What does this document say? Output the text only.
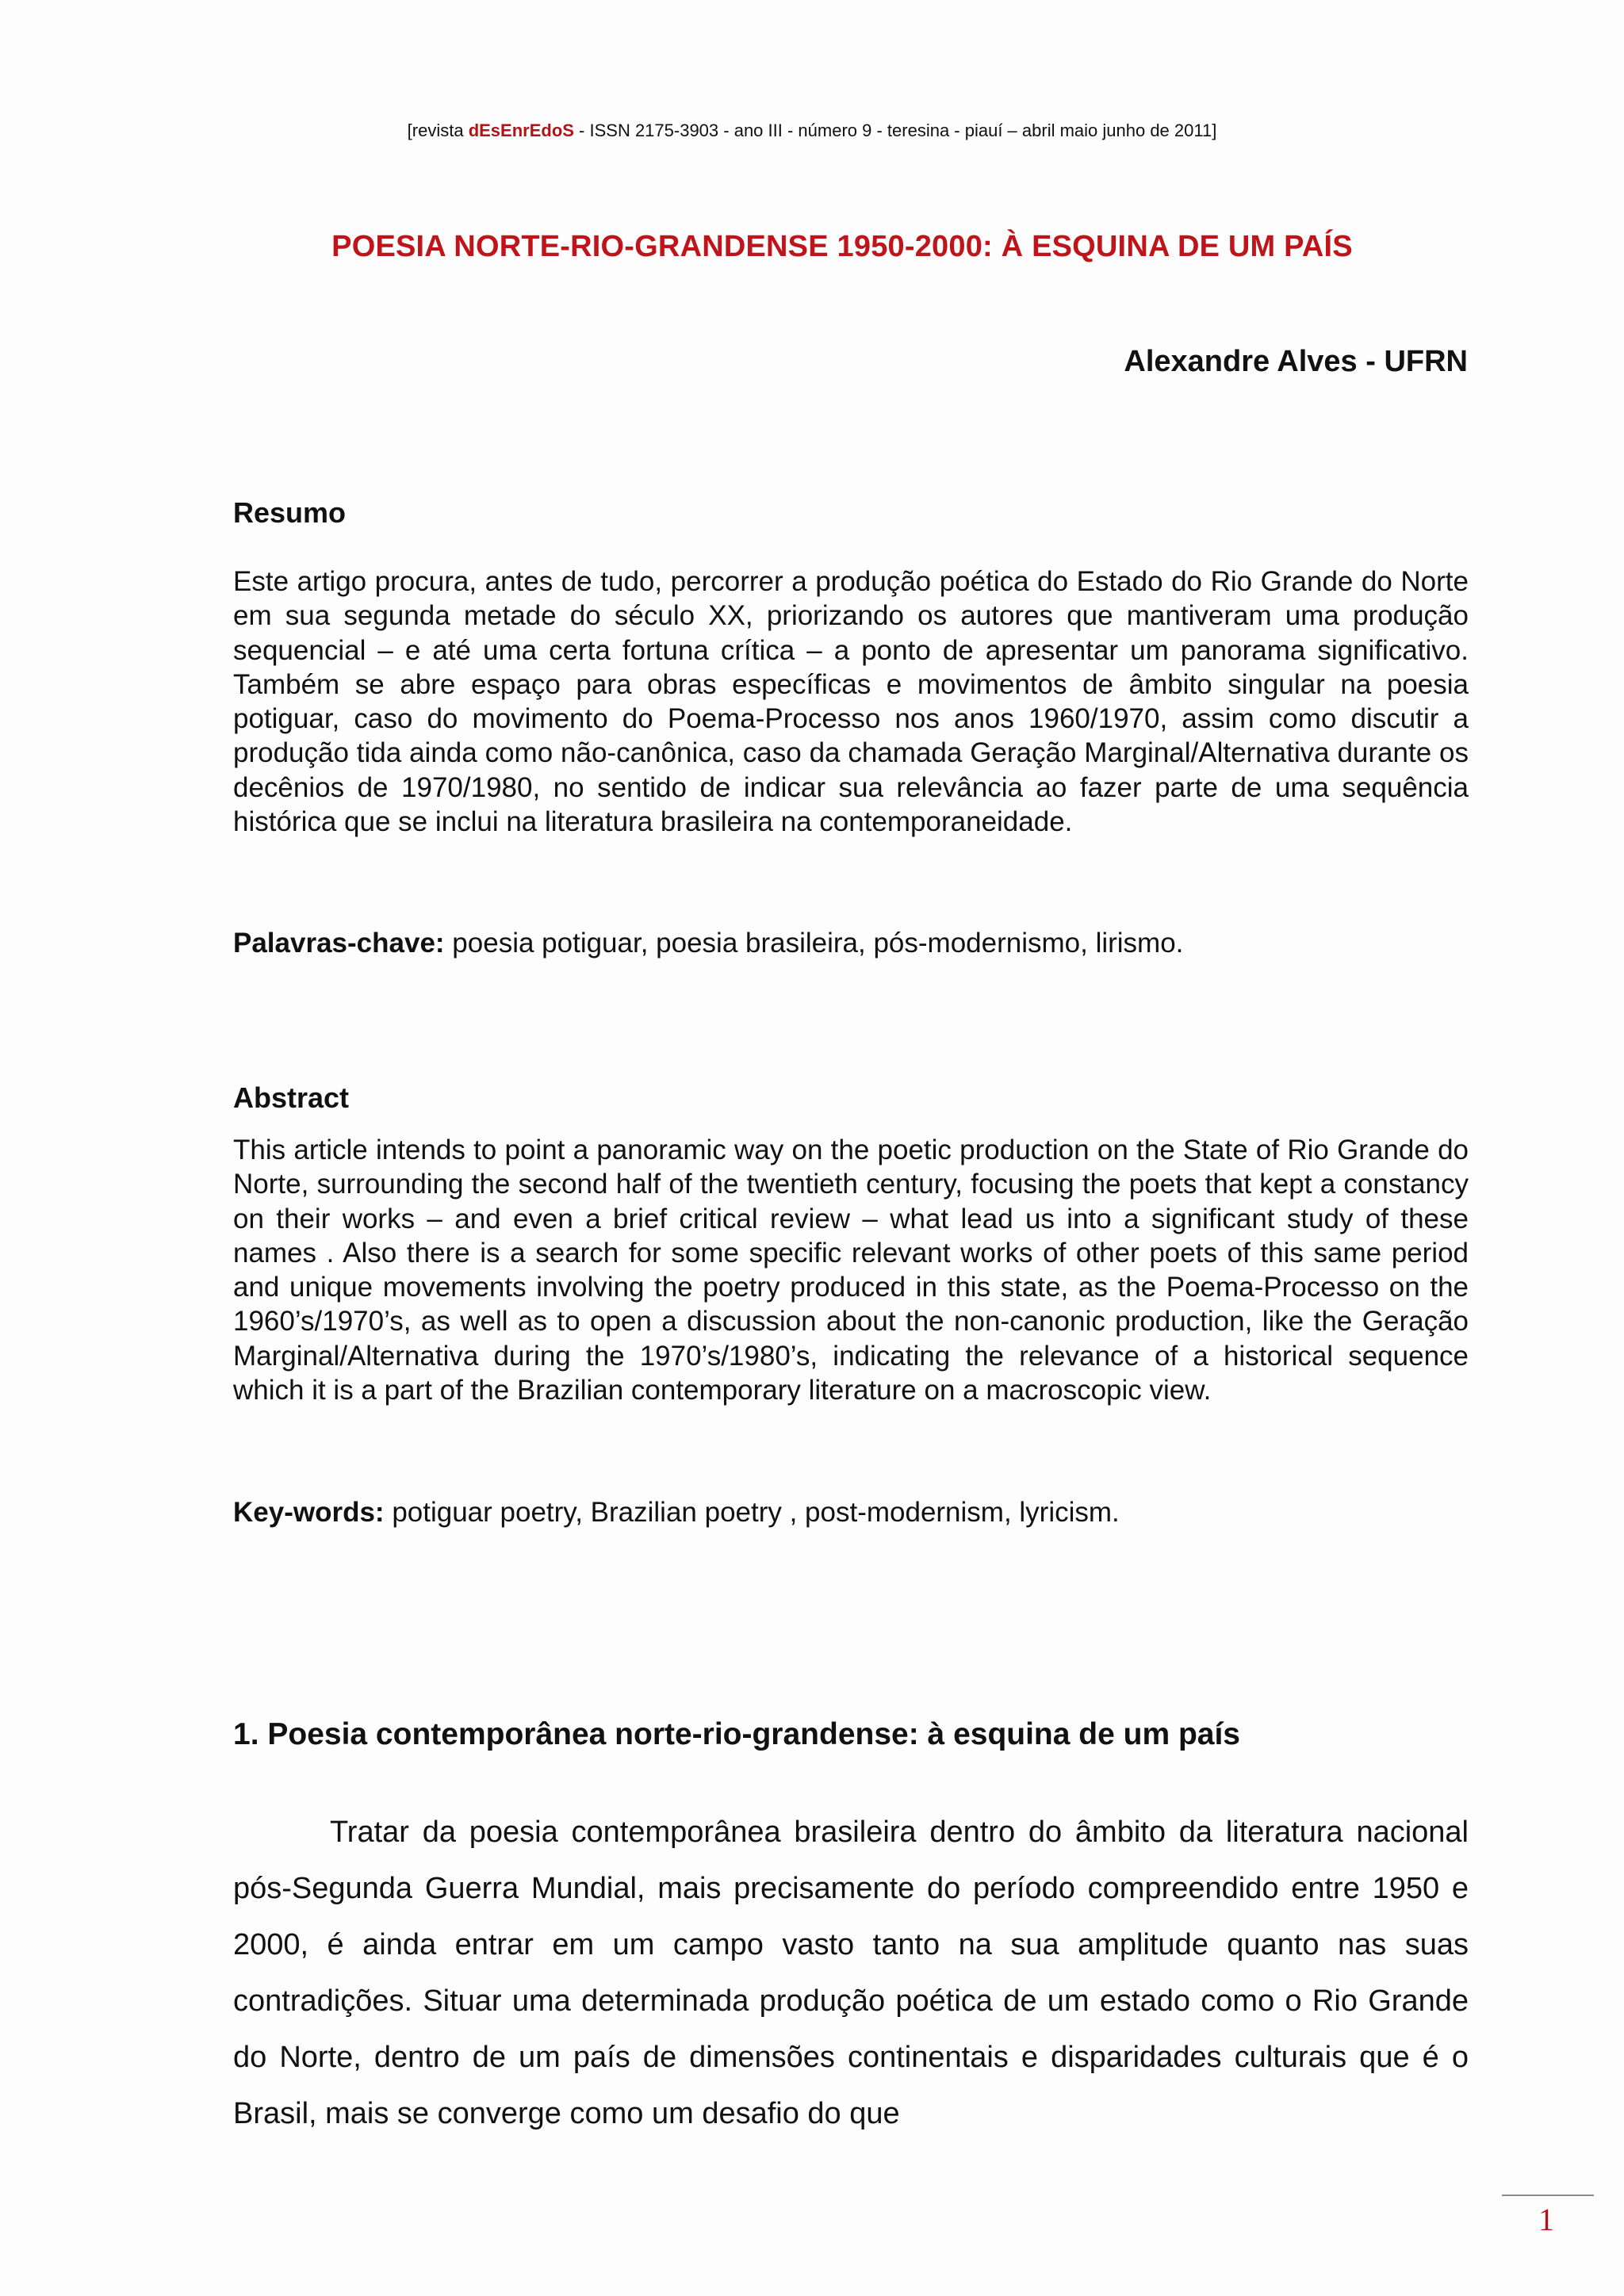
[revista dEsEnrEdoS - ISSN 2175-3903 - ano III - número 9 - teresina - piauí – abril maio junho de 2011]
POESIA NORTE-RIO-GRANDENSE 1950-2000: À ESQUINA DE UM PAÍS
Alexandre Alves - UFRN
Resumo
Este artigo procura, antes de tudo, percorrer a produção poética do Estado do Rio Grande do Norte em sua segunda metade do século XX, priorizando os autores que mantiveram uma produção sequencial – e até uma certa fortuna crítica – a ponto de apresentar um panorama significativo. Também se abre espaço para obras específicas e movimentos de âmbito singular na poesia potiguar, caso do movimento do Poema-Processo nos anos 1960/1970, assim como discutir a produção tida ainda como não-canônica, caso da chamada Geração Marginal/Alternativa durante os decênios de 1970/1980, no sentido de indicar sua relevância ao fazer parte de uma sequência histórica que se inclui na literatura brasileira na contemporaneidade.
Palavras-chave: poesia potiguar, poesia brasileira, pós-modernismo, lirismo.
Abstract
This article intends to point a panoramic way on the poetic production on the State of Rio Grande do Norte, surrounding the second half of the twentieth century, focusing the poets that kept a constancy on their works – and even a brief critical review – what lead us into a significant study of these names . Also there is a search for some specific relevant works of other poets of this same period and unique movements involving the poetry produced in this state, as the Poema-Processo on the 1960’s/1970’s, as well as to open a discussion about the non-canonic production, like the Geração Marginal/Alternativa during the 1970’s/1980’s, indicating the relevance of a historical sequence which it is a part of the Brazilian contemporary literature on a macroscopic view.
Key-words: potiguar poetry, Brazilian poetry , post-modernism, lyricism.
1. Poesia contemporânea norte-rio-grandense: à esquina de um país
Tratar da poesia contemporânea brasileira dentro do âmbito da literatura nacional pós-Segunda Guerra Mundial, mais precisamente do período compreendido entre 1950 e 2000, é ainda entrar em um campo vasto tanto na sua amplitude quanto nas suas contradições. Situar uma determinada produção poética de um estado como o Rio Grande do Norte, dentro de um país de dimensões continentais e disparidades culturais que é o Brasil, mais se converge como um desafio do que
1
